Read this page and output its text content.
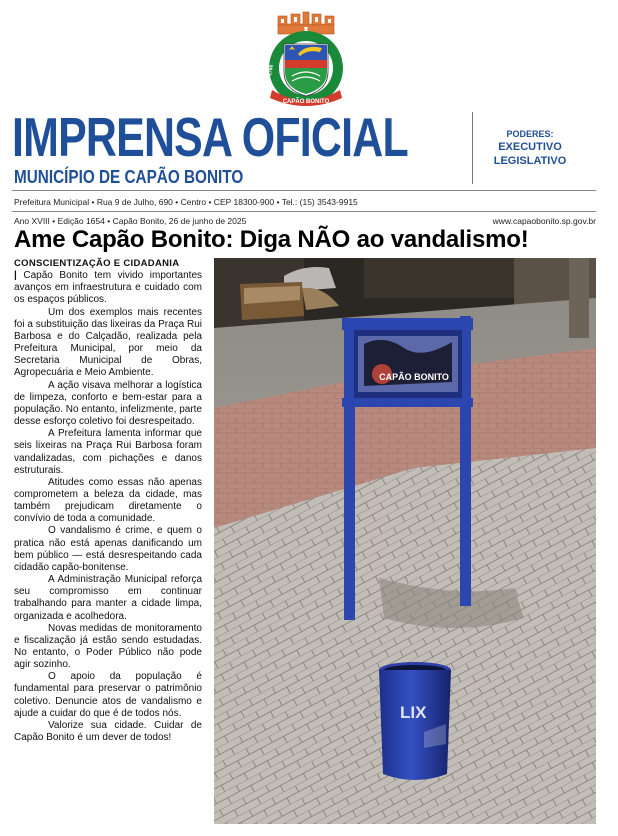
CAPÃO BONITO
1766	1857
IMPRENSA OFICIAL
MUNICÍPIO DE CAPÃO BONITO
PODERES:
EXECUTIVO
LEGISLATIVO
Prefeitura Municipal • Rua 9 de Julho, 690 • Centro • CEP 18300-900 • Tel.: (15) 3543-9915
Ano XVIII • Edição 1654 • Capão Bonito, 26 de junho de 2025	www.capaobonito.sp.gov.br
Ame Capão Bonito: Diga NÃO ao vandalismo!
CONSCIENTIZAÇÃO E CIDADANIA

| Capão Bonito tem vivido importantes avanços em infraestrutura e cuidado com os espaços públicos.

Um dos exemplos mais recentes foi a substituição das lixeiras da Praça Rui Barbosa e do Calçadão, realizada pela Prefeitura Municipal, por meio da Secretaria Municipal de Obras, Agropecuária e Meio Ambiente.

A ação visava melhorar a logística de limpeza, conforto e bem-estar para a população. No entanto, infelizmente, parte desse esforço coletivo foi desrespeitado.

A Prefeitura lamenta informar que seis lixeiras na Praça Rui Barbosa foram vandalizadas, com pichações e danos estruturais.

Atitudes como essas não apenas comprometem a beleza da cidade, mas também prejudicam diretamente o convívio de toda a comunidade.

O vandalismo é crime, e quem o pratica não está apenas danificando um bem público — está desrespeitando cada cidadão capão-bonitense.

A Administração Municipal reforça seu compromisso em continuar trabalhando para manter a cidade limpa, organizada e acolhedora.

Novas medidas de monitoramento e fiscalização já estão sendo estudadas. No entanto, o Poder Público não pode agir sozinho.

O apoio da população é fundamental para preservar o patrimônio coletivo. Denuncie atos de vandalismo e ajude a cuidar do que é de todos nós.

Valorize sua cidade. Cuidar de Capão Bonito é um dever de todos!

CAPÃO BONITO
LIX
